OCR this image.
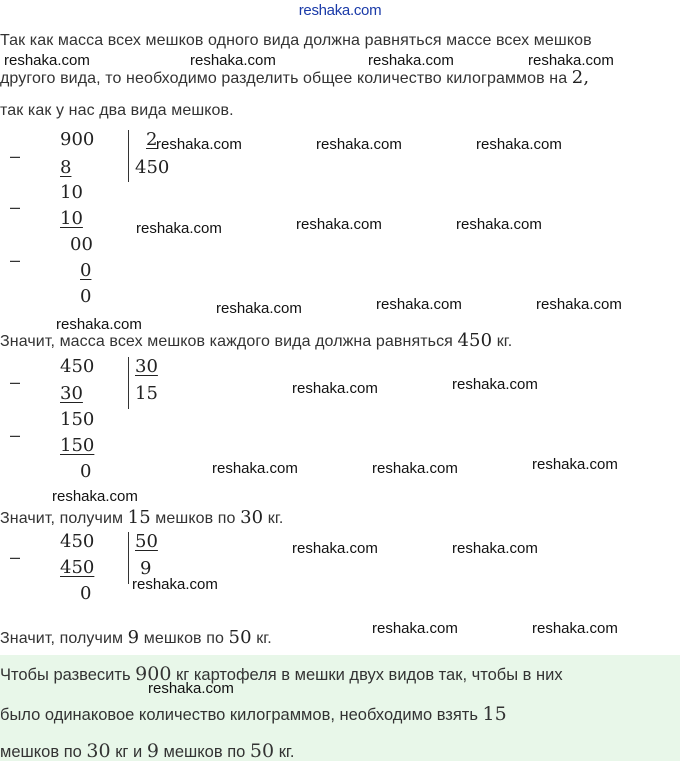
reshaka.com
Так как масса всех мешков одного вида должна равняться массе всех мешков
другого вида, то необходимо разделить общее количество килограммов на 2,
так как у нас два вида мешков.
–
900
8
2
450
–
10
10
–
00
0
0
Значит, масса всех мешков каждого вида должна равняться 450 кг.
–
450
30
30
15
–
150
150
0
Значит, получим 15 мешков по 30 кг.
–
450
450
50
9
0
Значит, получим 9 мешков по 50 кг.
Чтобы развесить 900 кг картофеля в мешки двух видов так, чтобы в них
было одинаковое количество килограммов, необходимо взять 15
мешков по 30 кг и 9 мешков по 50 кг.
reshaka.com	reshaka.com	reshaka.com	reshaka.com
reshaka.com	reshaka.com	reshaka.com
reshaka.com	reshaka.com	reshaka.com
reshaka.com	reshaka.com	reshaka.com
reshaka.com
reshaka.com	reshaka.com
reshaka.com	reshaka.com	reshaka.com
reshaka.com
reshaka.com	reshaka.com
reshaka.com
reshaka.com	reshaka.com
reshaka.com
